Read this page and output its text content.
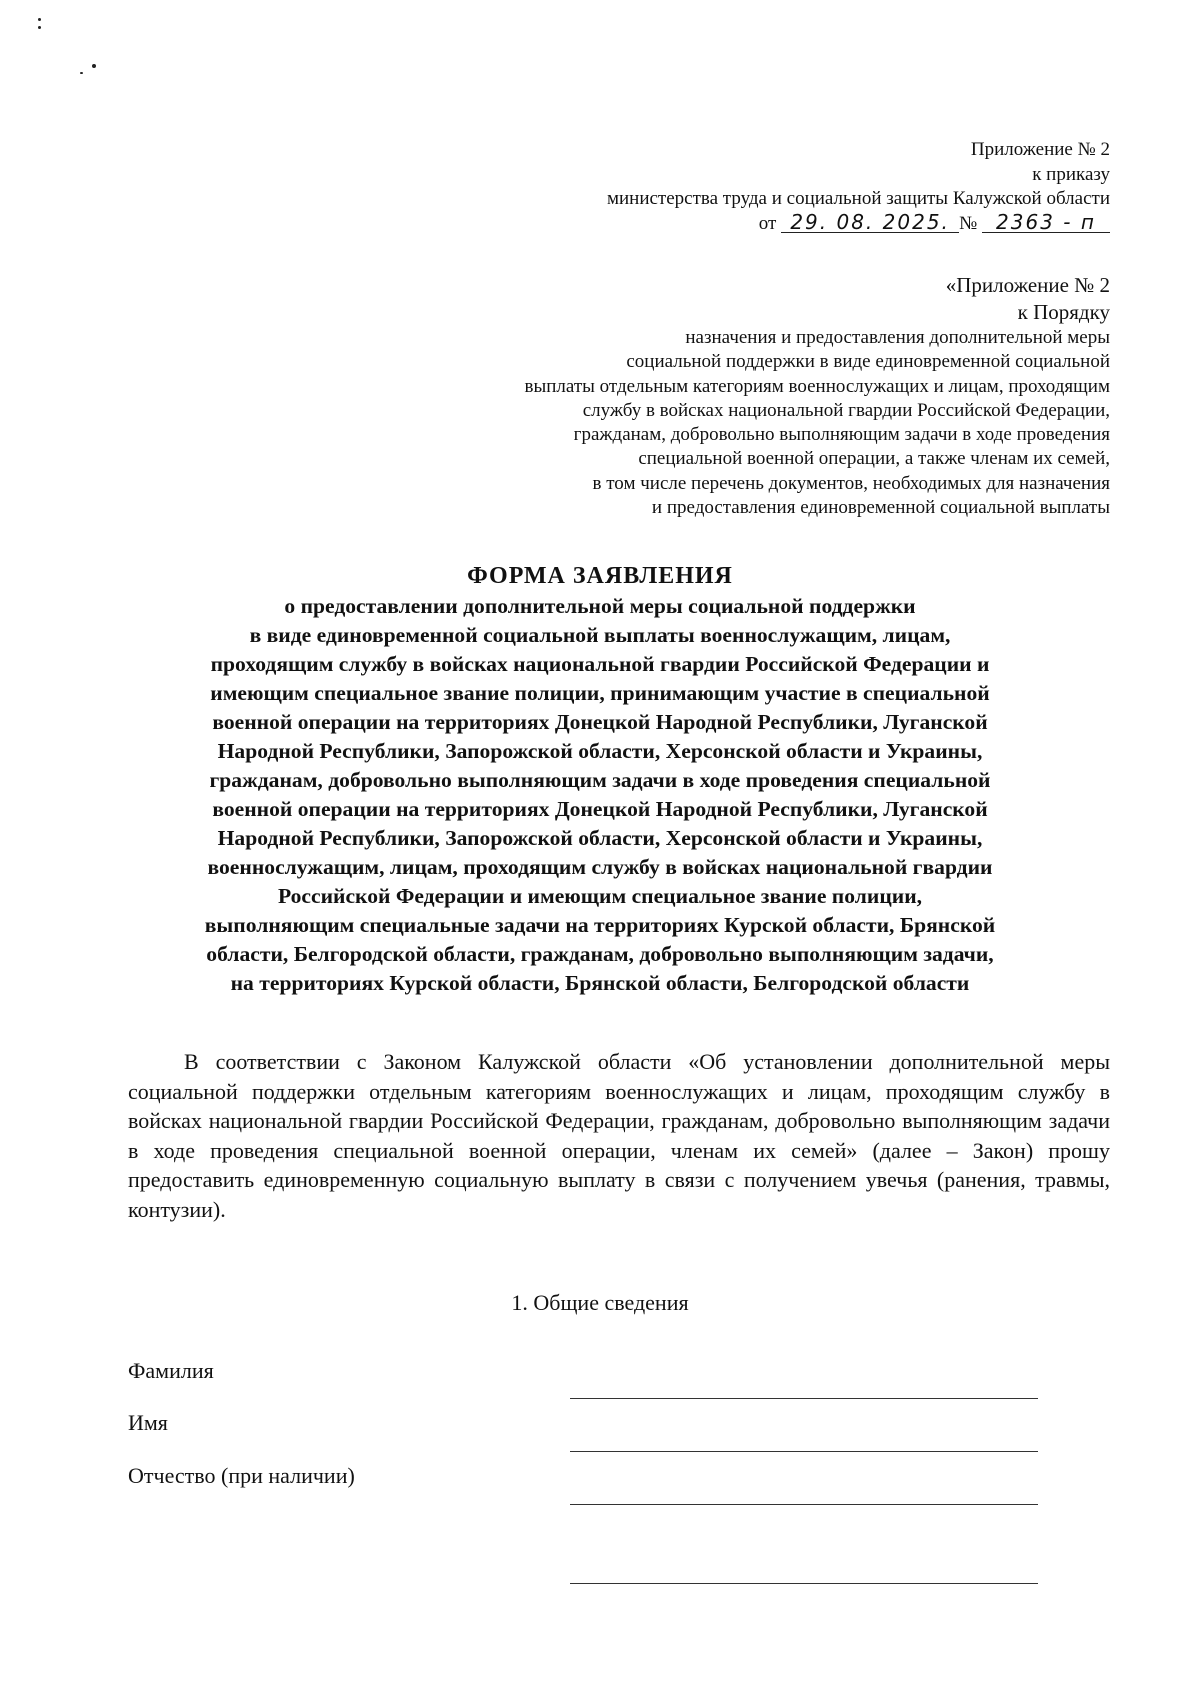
Приложение № 2
к приказу
министерства труда и социальной защиты Калужской области
от 29. 08. 2025. № 2363 - п
«Приложение № 2
к Порядку
назначения и предоставления дополнительной меры
социальной поддержки в виде единовременной социальной
выплаты отдельным категориям военнослужащих и лицам, проходящим
службу в войсках национальной гвардии Российской Федерации,
гражданам, добровольно выполняющим задачи в ходе проведения
специальной военной операции, а также членам их семей,
в том числе перечень документов, необходимых для назначения
и предоставления единовременной социальной выплаты
ФОРМА ЗАЯВЛЕНИЯ
о предоставлении дополнительной меры социальной поддержки
в виде единовременной социальной выплаты военнослужащим, лицам,
проходящим службу в войсках национальной гвардии Российской Федерации и
имеющим специальное звание полиции, принимающим участие в специальной
военной операции на территориях Донецкой Народной Республики, Луганской
Народной Республики, Запорожской области, Херсонской области и Украины,
гражданам, добровольно выполняющим задачи в ходе проведения специальной
военной операции на территориях Донецкой Народной Республики, Луганской
Народной Республики, Запорожской области, Херсонской области и Украины,
военнослужащим, лицам, проходящим службу в войсках национальной гвардии
Российской Федерации и имеющим специальное звание полиции,
выполняющим специальные задачи на территориях Курской области, Брянской
области, Белгородской области, гражданам, добровольно выполняющим задачи,
на территориях Курской области, Брянской области, Белгородской области
В соответствии с Законом Калужской области «Об установлении дополнительной меры социальной поддержки отдельным категориям военнослужащих и лицам, проходящим службу в войсках национальной гвардии Российской Федерации, гражданам, добровольно выполняющим задачи в ходе проведения специальной военной операции, членам их семей» (далее – Закон) прошу предоставить единовременную социальную выплату в связи с получением увечья (ранения, травмы, контузии).
1. Общие сведения
Фамилия
Имя
Отчество (при наличии)
